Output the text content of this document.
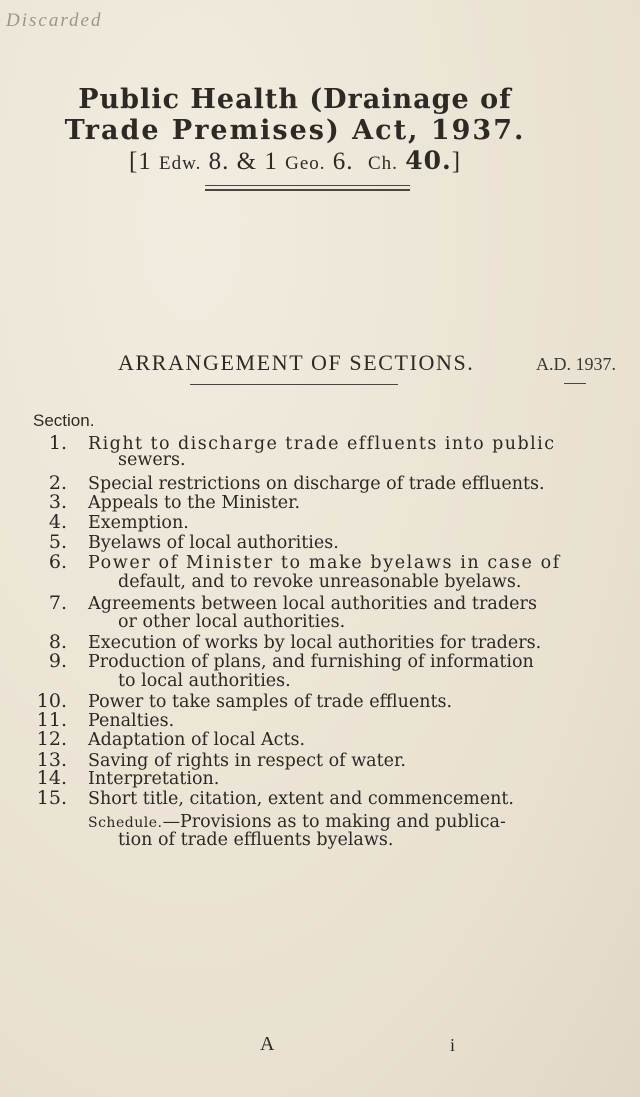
Discarded
Public Health (Drainage of
Trade Premises) Act, 1937.
[1 Edw. 8. & 1 Geo. 6. Ch. 40.]
ARRANGEMENT OF SECTIONS.	A.D. 1937.
Section.
1. Right to discharge trade effluents into public
sewers.
2. Special restrictions on discharge of trade effluents.
3. Appeals to the Minister.
4. Exemption.
5. Byelaws of local authorities.
6. Power of Minister to make byelaws in case of
default, and to revoke unreasonable byelaws.
7. Agreements between local authorities and traders
or other local authorities.
8. Execution of works by local authorities for traders.
9. Production of plans, and furnishing of information
to local authorities.
10. Power to take samples of trade effluents.
11. Penalties.
12. Adaptation of local Acts.
13. Saving of rights in respect of water.
14. Interpretation.
15. Short title, citation, extent and commencement.
Schedule.—Provisions as to making and publica-
tion of trade effluents byelaws.
A	i
